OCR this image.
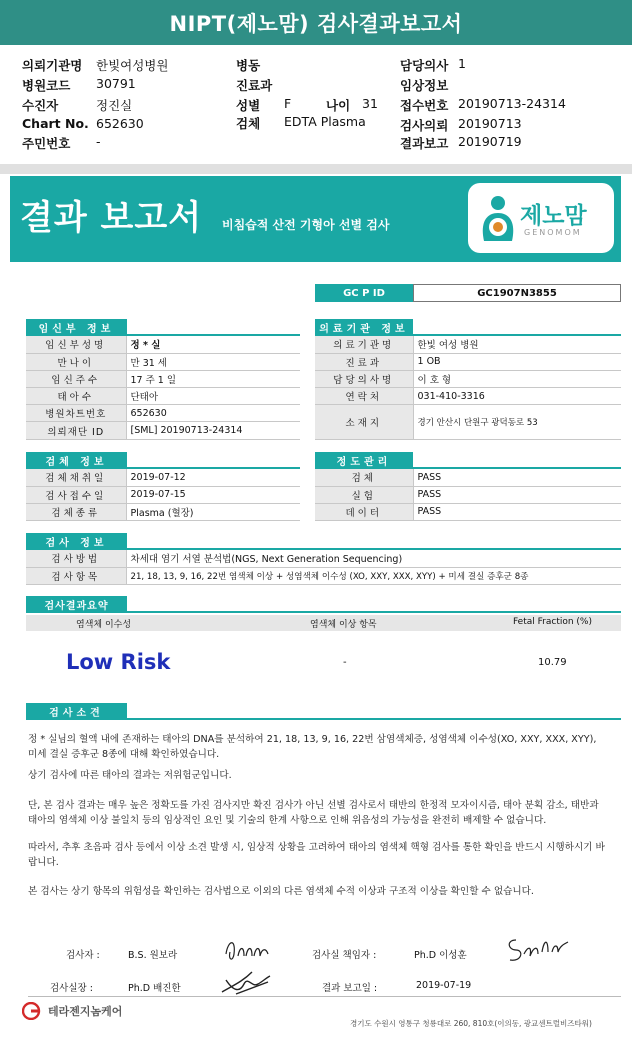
NIPT(제노맘) 검사결과보고서
의뢰기관명 한빛여성병원
병원코드 30791
수진자	정진실
Chart No. 652630
주민번호 -
병동
진료과
성별 F	나이 31
검체 EDTA Plasma
담당의사 1
임상정보
접수번호 20190713-24314
검사의뢰 20190713
결과보고 20190719
결과 보고서 비침습적 산전 기형아 선별 검사	제노맘
GENOMOM
GC P ID	GC1907N3855
임신부 정보
임신부성명	정 * 실
만나이	만 31 세
임신주수	17 주 1 일
태아수	단태아
병원차트번호	652630
의뢰재단 ID	[SML] 20190713-24314
의료기관 정보
의료기관명	한빛 여성 병원
진료과	1 OB
담당의사명	이 호 형
연락처	031-410-3316
소재지	경기 안산시 단원구 광덕동로 53
검체 정보
검체채취일	2019-07-12
검사접수일	2019-07-15
검체종류	Plasma (혈장)
정도관리
검체	PASS
실험	PASS
데이터	PASS
검사 정보
검사방법	차세대 염기 서열 분석법(NGS, Next Generation Sequencing)
검사항목	21, 18, 13, 9, 16, 22번 염색체 이상 + 성염색체 이수성 (XO, XXY, XXX, XYY) + 미세 결실 증후군 8종
검사결과요약
염색체 이수성	염색체 이상 항목	Fetal Fraction (%)
Low Risk	-	10.79
검사소견
정 * 실님의 혈액 내에 존재하는 태아의 DNA를 분석하여 21, 18, 13, 9, 16, 22번 삼염색체증, 성염색체 이수성(XO, XXY, XXX, XYY), 미세 결실 증후군 8종에 대해 확인하였습니다.
상기 검사에 따른 태아의 결과는 저위험군입니다.
단, 본 검사 결과는 매우 높은 정확도를 가진 검사지만 확진 검사가 아닌 선별 검사로서 태반의 한정적 모자이시즘, 태아 분획 감소, 태반과 태아의 염색체 이상 불일치 등의 임상적인 요인 및 기술의 한계 사항으로 인해 위음성의 가능성을 완전히 배제할 수 없습니다.
따라서, 추후 초음파 검사 등에서 이상 소견 발생 시, 임상적 상황을 고려하여 태아의 염색체 핵형 검사를 통한 확인을 반드시 시행하시기 바랍니다.
본 검사는 상기 항목의 위험성을 확인하는 검사법으로 이외의 다른 염색체 수적 이상과 구조적 이상을 확인할 수 없습니다.
검사자 :	B.S. 원보라	검사실 책임자 :	Ph.D 이성훈
검사실장 :	Ph.D 배진한	결과 보고일 :	2019-07-19
테라젠지놈케어
경기도 수원시 영통구 청룡대로 260, 810호(이의동, 광교센트럴비즈타워)
